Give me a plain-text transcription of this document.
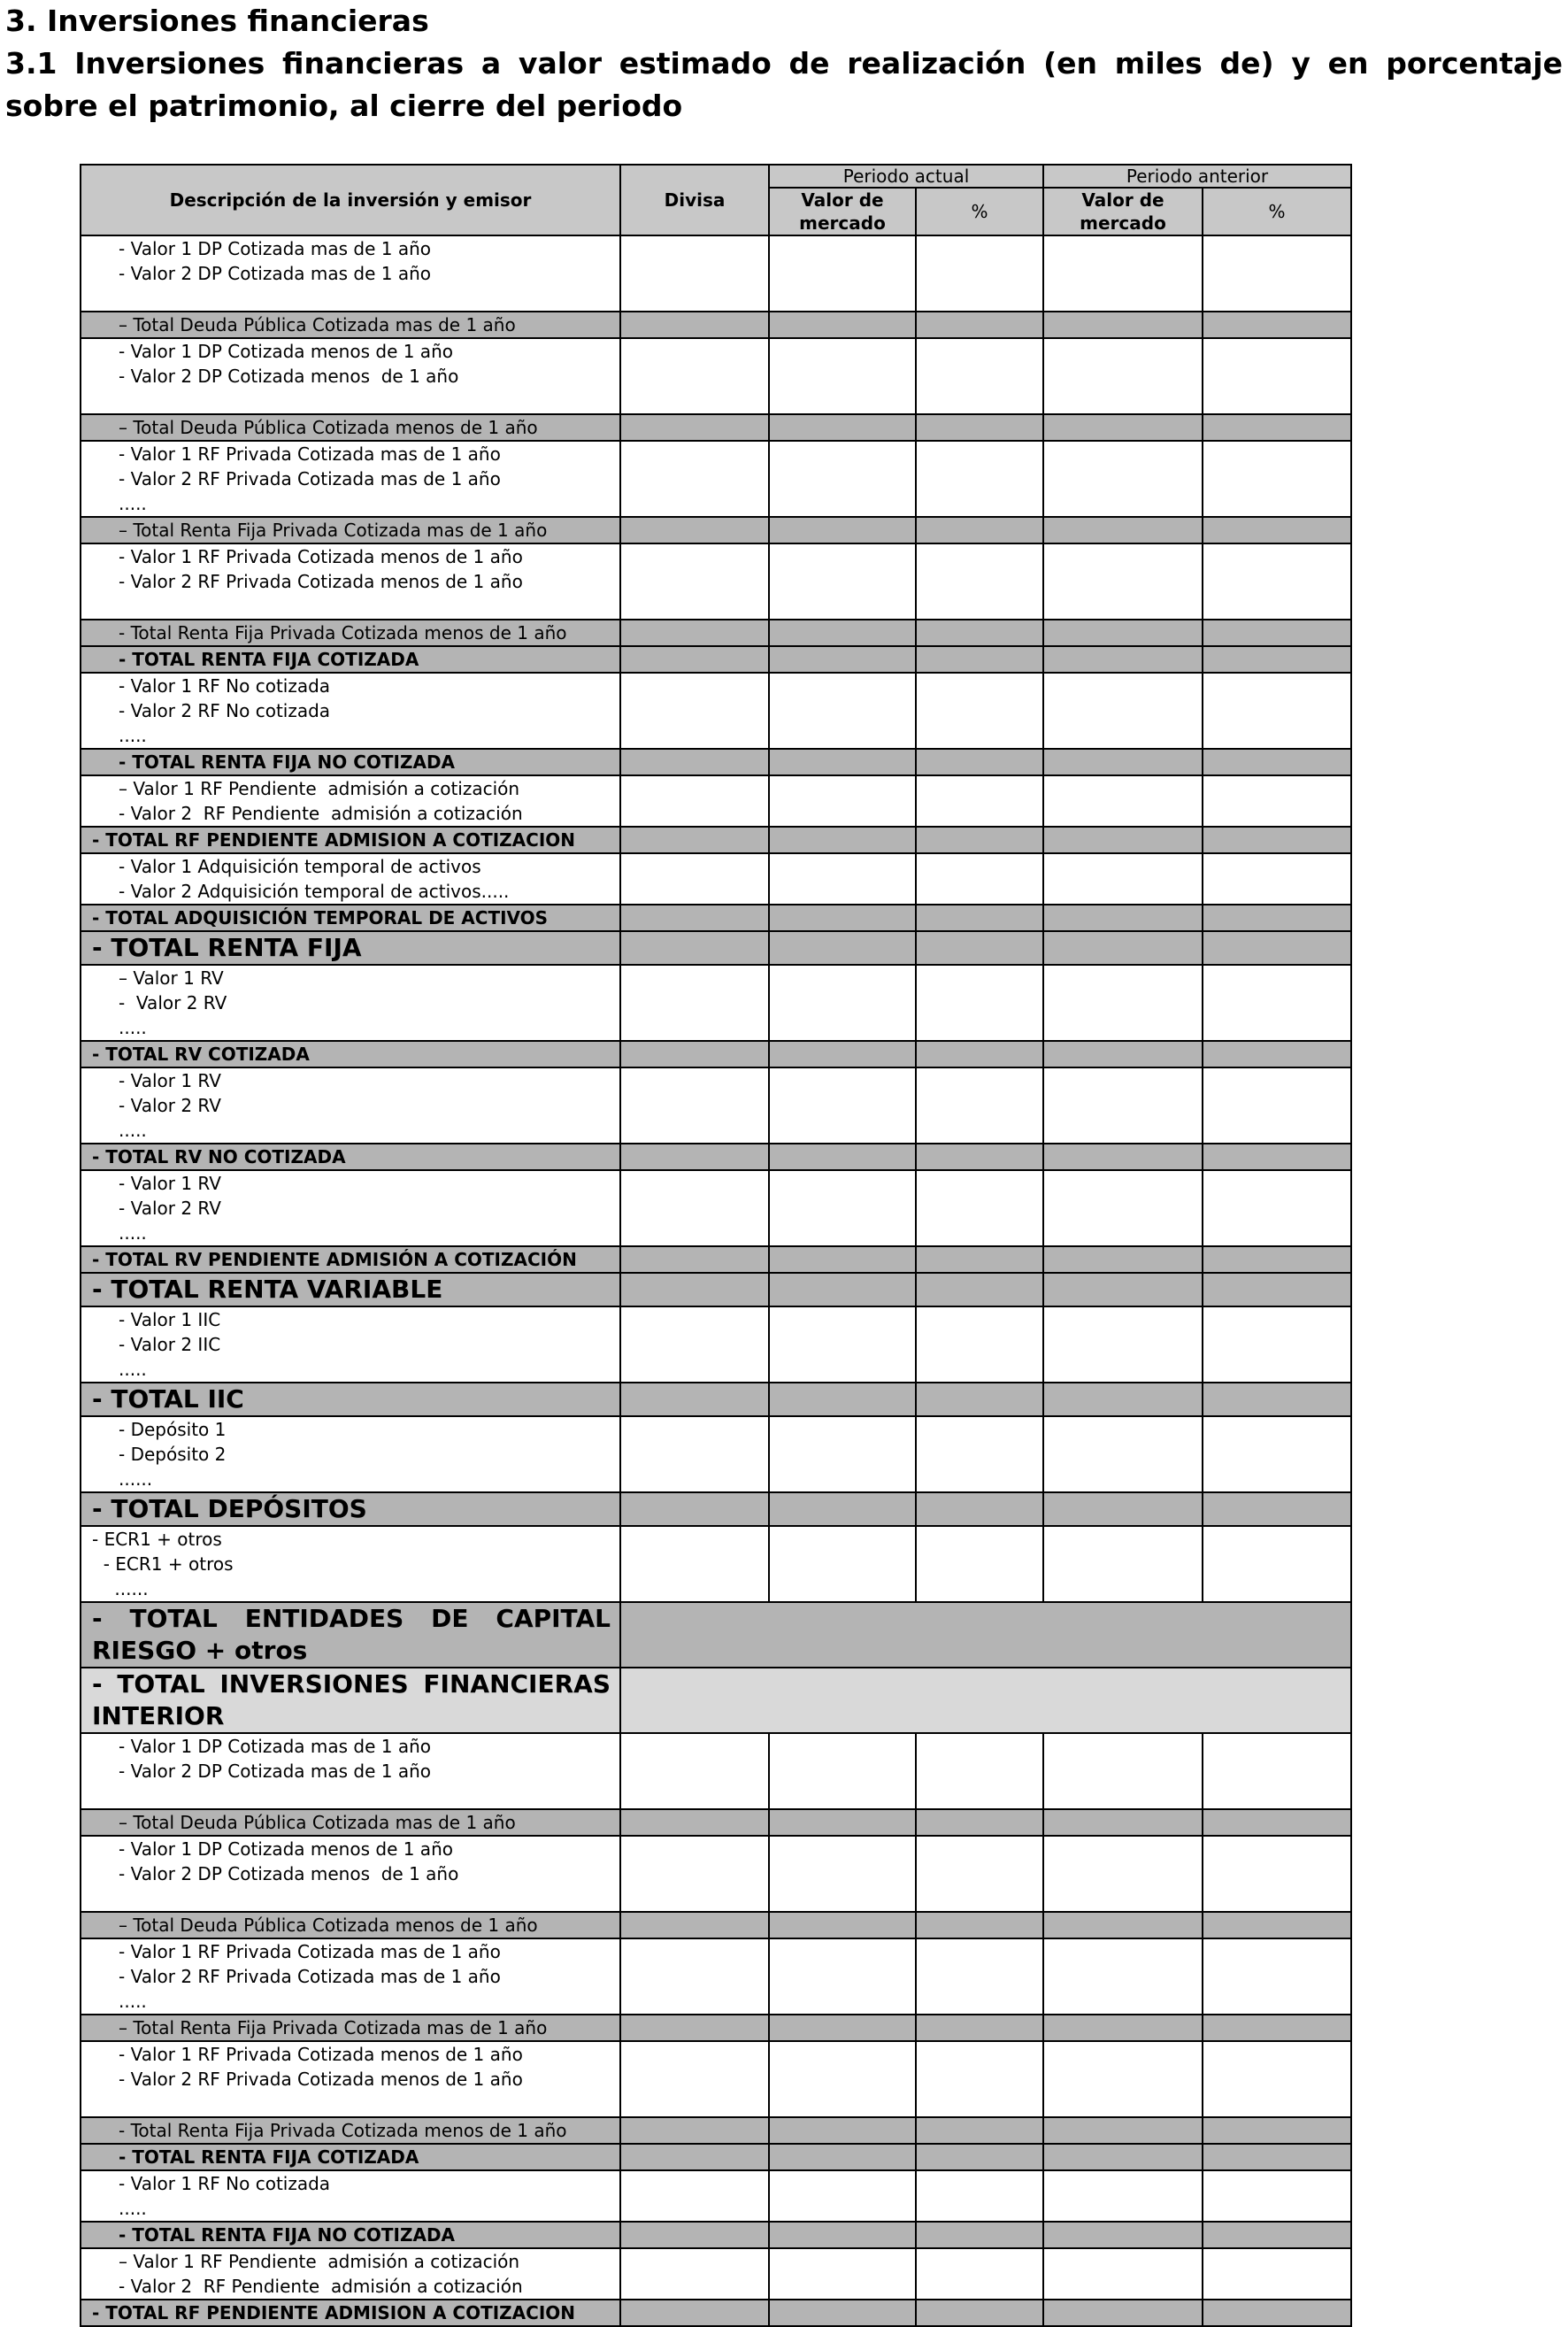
3. Inversiones financieras

3.1 Inversiones financieras a valor estimado de realización (en miles de) y en porcentaje sobre el patrimonio, al cierre del periodo

Descripción de la inversión y emisor	Divisa	Periodo actual		Periodo anterior	
		Valor de mercado	%	Valor de mercado	%

- Valor 1 DP Cotizada mas de 1 año
- Valor 2 DP Cotizada mas de 1 año					

– Total Deuda Pública Cotizada mas de 1 año					

- Valor 1 DP Cotizada menos de 1 año
- Valor 2 DP Cotizada menos  de 1 año					

– Total Deuda Pública Cotizada menos de 1 año					

- Valor 1 RF Privada Cotizada mas de 1 año
- Valor 2 RF Privada Cotizada mas de 1 año
.....					

– Total Renta Fija Privada Cotizada mas de 1 año					

- Valor 1 RF Privada Cotizada menos de 1 año
- Valor 2 RF Privada Cotizada menos de 1 año					

- Total Renta Fija Privada Cotizada menos de 1 año					
- TOTAL RENTA FIJA COTIZADA					

- Valor 1 RF No cotizada
- Valor 2 RF No cotizada
.....					

- TOTAL RENTA FIJA NO COTIZADA					

– Valor 1 RF Pendiente  admisión a cotización
- Valor 2  RF Pendiente  admisión a cotización					

- TOTAL RF PENDIENTE ADMISION A COTIZACION					

- Valor 1 Adquisición temporal de activos
- Valor 2 Adquisición temporal de activos.....					

- TOTAL ADQUISICIÓN TEMPORAL DE ACTIVOS					
- TOTAL RENTA FIJA					

– Valor 1 RV
-  Valor 2 RV
.....					

- TOTAL RV COTIZADA					

- Valor 1 RV
- Valor 2 RV
.....					

- TOTAL RV NO COTIZADA					

- Valor 1 RV
- Valor 2 RV
.....					

- TOTAL RV PENDIENTE ADMISIÓN A COTIZACIÓN					
- TOTAL RENTA VARIABLE					

- Valor 1 IIC
- Valor 2 IIC
.....					

- TOTAL IIC					

- Depósito 1
- Depósito 2
......					

- TOTAL DEPÓSITOS					

- ECR1 + otros
- ECR1 + otros
......					

- TOTAL ENTIDADES DE CAPITAL RIESGO + otros					
- TOTAL INVERSIONES FINANCIERAS INTERIOR					

- Valor 1 DP Cotizada mas de 1 año
- Valor 2 DP Cotizada mas de 1 año					

– Total Deuda Pública Cotizada mas de 1 año					

- Valor 1 DP Cotizada menos de 1 año
- Valor 2 DP Cotizada menos  de 1 año					

– Total Deuda Pública Cotizada menos de 1 año					

- Valor 1 RF Privada Cotizada mas de 1 año
- Valor 2 RF Privada Cotizada mas de 1 año
.....					

– Total Renta Fija Privada Cotizada mas de 1 año					

- Valor 1 RF Privada Cotizada menos de 1 año
- Valor 2 RF Privada Cotizada menos de 1 año					

- Total Renta Fija Privada Cotizada menos de 1 año					
- TOTAL RENTA FIJA COTIZADA					

- Valor 1 RF No cotizada
.....					

- TOTAL RENTA FIJA NO COTIZADA					

– Valor 1 RF Pendiente  admisión a cotización
- Valor 2  RF Pendiente  admisión a cotización					

- TOTAL RF PENDIENTE ADMISION A COTIZACION					
